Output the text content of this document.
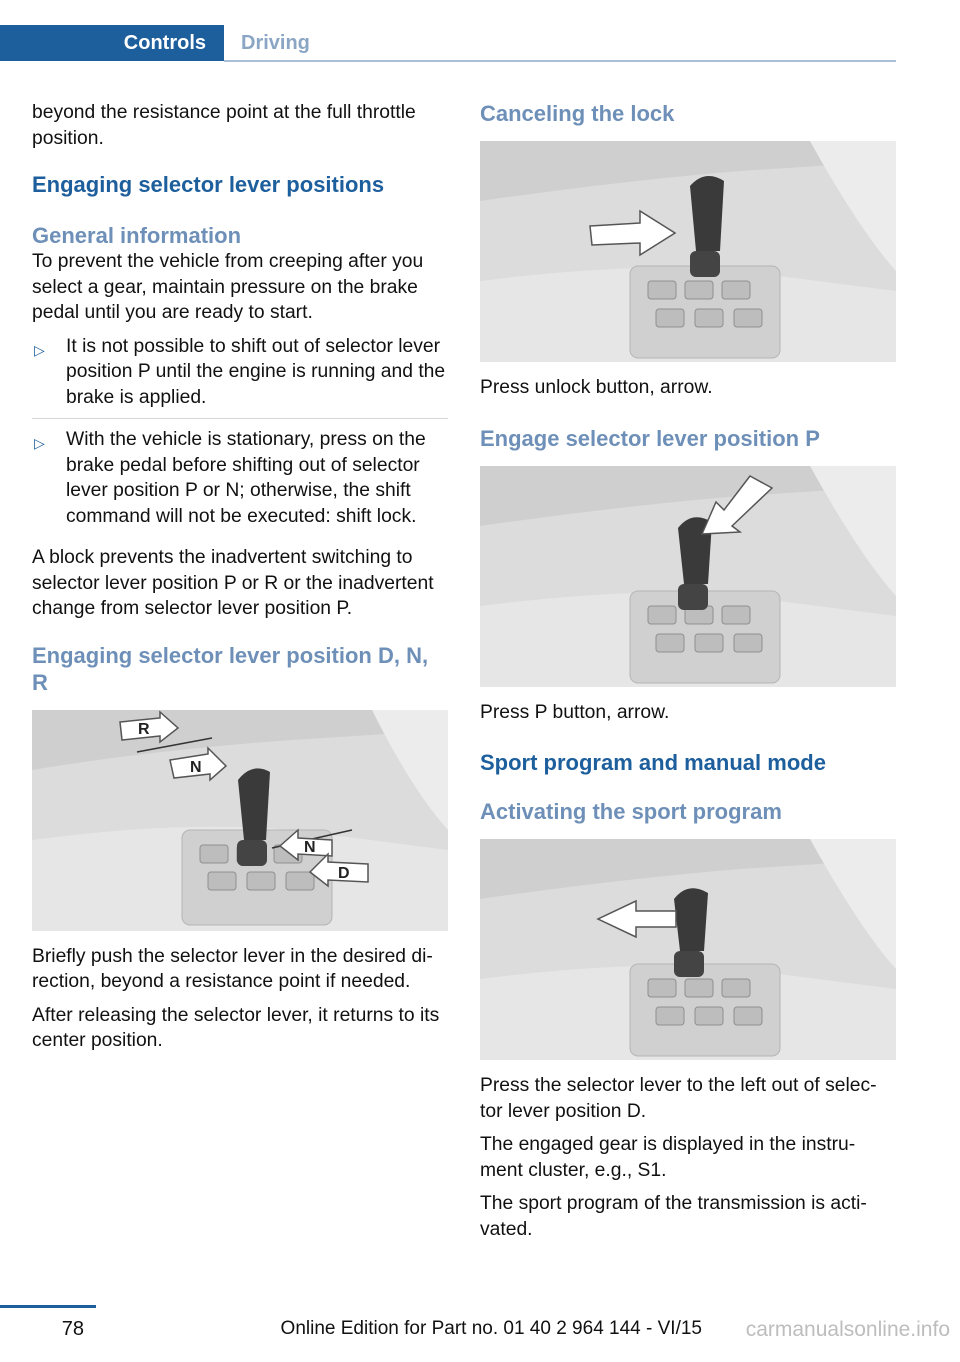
Controls	Driving

beyond the resistance point at the full throttle position.

Engaging selector lever positions
General information

To prevent the vehicle from creeping after you select a gear, maintain pressure on the brake pedal until you are ready to start.

▷ It is not possible to shift out of selector lever position P until the engine is running and the brake is applied.
▷ With the vehicle is stationary, press on the brake pedal before shifting out of selector lever position P or N; otherwise, the shift command will not be executed: shift lock.

A block prevents the inadvertent switching to selector lever position P or R or the inadvertent change from selector lever position P.

Engaging selector lever position D, N, R
R
N
N
D

Briefly push the selector lever in the desired di-rection, beyond a resistance point if needed.

After releasing the selector lever, it returns to its center position.

Canceling the lock

Press unlock button, arrow.

Engage selector lever position P

Press P button, arrow.

Sport program and manual mode
Activating the sport program

Press the selector lever to the left out of selec-tor lever position D.

The engaged gear is displayed in the instru-ment cluster, e.g., S1.

The sport program of the transmission is acti-vated.

78	Online Edition for Part no. 01 40 2 964 144 - VI/15 carmanualsonline.info
